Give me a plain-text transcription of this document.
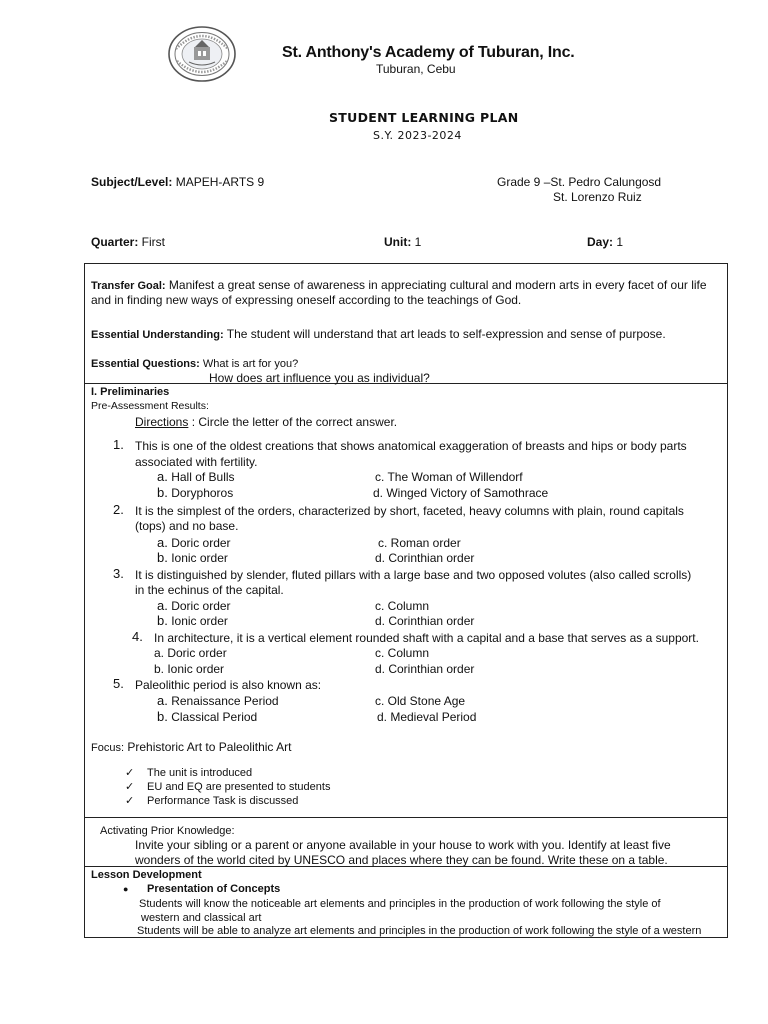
St. Anthony's Academy of Tuburan, Inc.
Tuburan, Cebu
STUDENT LEARNING PLAN
S.Y. 2023-2024
Subject/Level: MAPEH-ARTS 9	Grade 9 –St. Pedro Calungosd
St. Lorenzo Ruiz
Quarter: First	Unit: 1	Day: 1
Transfer Goal: Manifest a great sense of awareness in appreciating cultural and modern arts in every facet of our life
and in finding new ways of expressing oneself according to the teachings of God.
Essential Understanding: The student will understand that art leads to self-expression and sense of purpose.
Essential Questions: What is art for you?
How does art influence you as individual?
I. Preliminaries
Pre-Assessment Results:
Directions : Circle the letter of the correct answer.
1. This is one of the oldest creations that shows anatomical exaggeration of breasts and hips or body parts
associated with fertility.
a. Hall of Bulls
b. Doryphoros
c. The Woman of Willendorf
d. Winged Victory of Samothrace
2. It is the simplest of the orders, characterized by short, faceted, heavy columns with plain, round capitals
(tops) and no base.
a. Doric order
b. Ionic order
c. Roman order
d. Corinthian order
3. It is distinguished by slender, fluted pillars with a large base and two opposed volutes (also called scrolls)
in the echinus of the capital.
a. Doric order
b. Ionic order
c. Column
d. Corinthian order
4. In architecture, it is a vertical element rounded shaft with a capital and a base that serves as a support.
a. Doric order
b. Ionic order
c. Column
d. Corinthian order
5. Paleolithic period is also known as:
a. Renaissance Period
b. Classical Period
c. Old Stone Age
d. Medieval Period
Focus: Prehistoric Art to Paleolithic Art
✓ The unit is introduced
✓ EU and EQ are presented to students
✓ Performance Task is discussed
Activating Prior Knowledge:
Invite your sibling or a parent or anyone available in your house to work with you. Identify at least five
wonders of the world cited by UNESCO and places where they can be found. Write these on a table.
Lesson Development
● Presentation of Concepts
Students will know the noticeable art elements and principles in the production of work following the style of
western and classical art
Students will be able to analyze art elements and principles in the production of work following the style of a western
